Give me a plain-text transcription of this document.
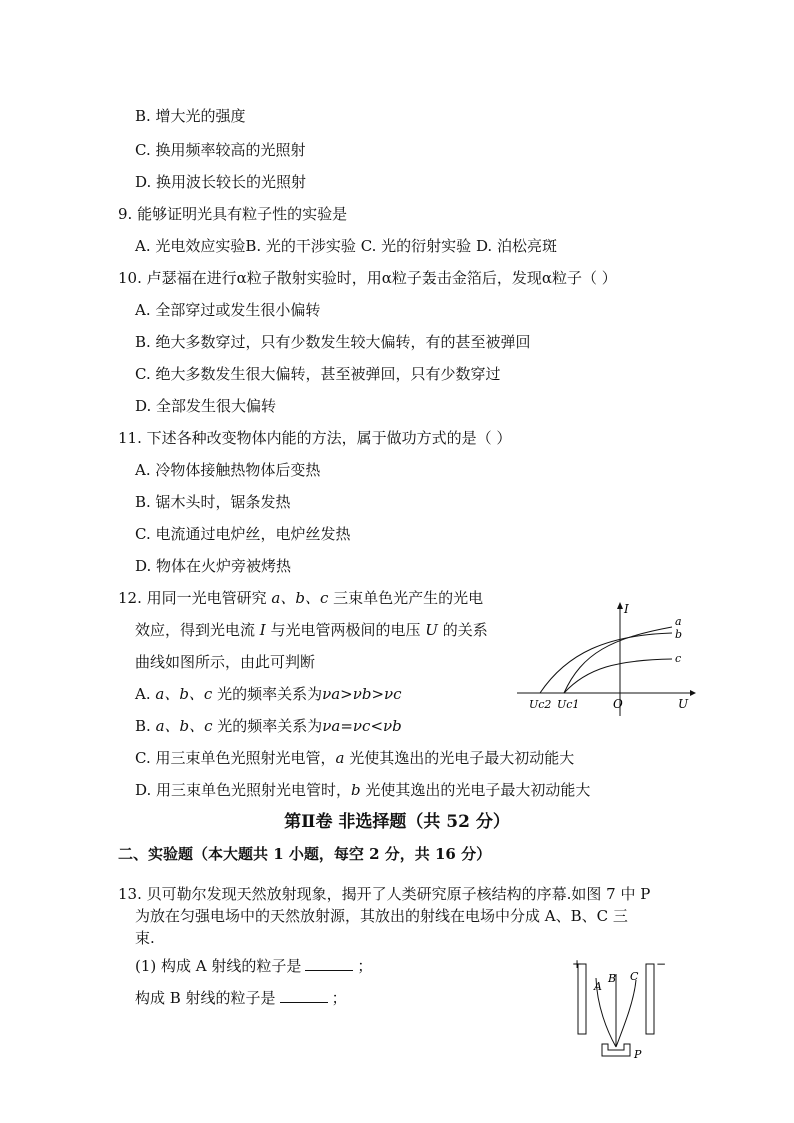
B. 增大光的强度
C. 换用频率较高的光照射
D. 换用波长较长的光照射
9. 能够证明光具有粒子性的实验是
A. 光电效应实验B. 光的干涉实验 C. 光的衍射实验 D. 泊松亮斑
10. 卢瑟福在进行α粒子散射实验时，用α粒子轰击金箔后，发现α粒子（ ）
A. 全部穿过或发生很小偏转
B. 绝大多数穿过，只有少数发生较大偏转，有的甚至被弹回
C. 绝大多数发生很大偏转，甚至被弹回，只有少数穿过
D. 全部发生很大偏转
11. 下述各种改变物体内能的方法，属于做功方式的是（ ）
A. 冷物体接触热物体后变热
B. 锯木头时，锯条发热
C. 电流通过电炉丝，电炉丝发热
D. 物体在火炉旁被烤热
12. 用同一光电管研究 a、b、c 三束单色光产生的光电
效应，得到光电流 I 与光电管两极间的电压 U 的关系
曲线如图所示，由此可判断
A. a、b、c 光的频率关系为νa>νb>νc
B. a、b、c 光的频率关系为νa=νc<νb
C. 用三束单色光照射光电管，a 光使其逸出的光电子最大初动能大
D. 用三束单色光照射光电管时，b 光使其逸出的光电子最大初动能大
I
U
O
Uc2 Uc1
a
b
c
第Ⅱ卷 非选择题（共 52 分）
二、实验题（本大题共 1 小题，每空 2 分，共 16 分）
13. 贝可勒尔发现天然放射现象，揭开了人类研究原子核结构的序幕.如图 7 中 P
为放在匀强电场中的天然放射源，其放出的射线在电场中分成 A、B、C 三
束.
(1) 构成 A 射线的粒子是	；
构成 B 射线的粒子是	；
+	−
A
B C
P
